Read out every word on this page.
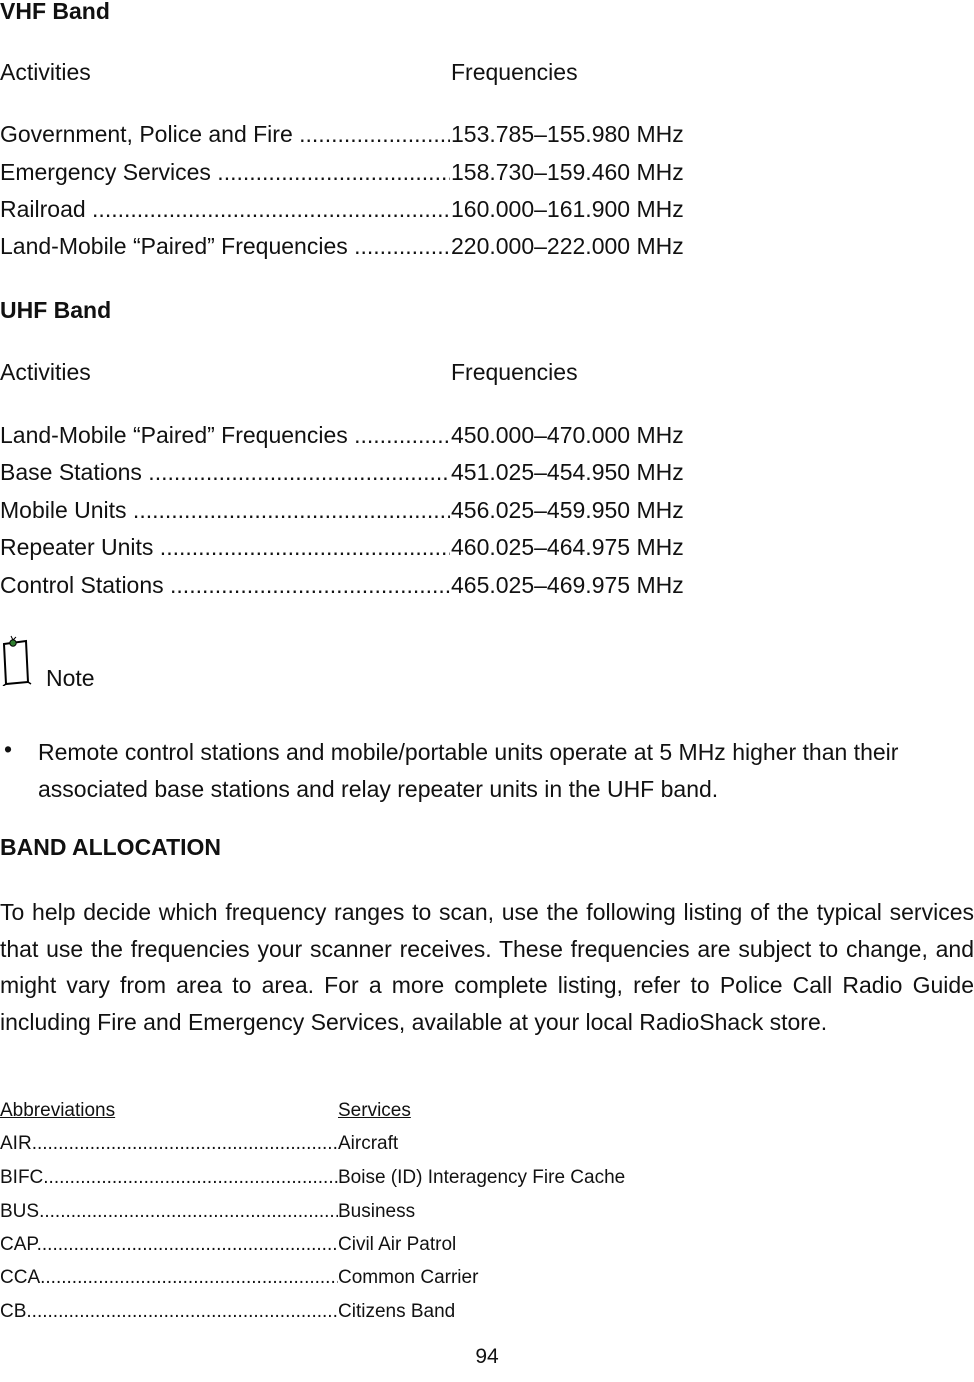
VHF Band
Activities	Frequencies
Government, Police and Fire .....	153.785–155.980 MHz
Emergency Services .....	158.730–159.460 MHz
Railroad .....	160.000–161.900 MHz
Land-Mobile “Paired” Frequencies .....	220.000–222.000 MHz
UHF Band
Activities	Frequencies
Land-Mobile “Paired” Frequencies .....	450.000–470.000 MHz
Base Stations .....	451.025–454.950 MHz
Mobile Units .....	456.025–459.950 MHz
Repeater Units .....	460.025–464.975 MHz
Control Stations .....	465.025–469.975 MHz
Note
• Remote control stations and mobile/portable units operate at 5 MHz higher than their associated base stations and relay repeater units in the UHF band.
BAND ALLOCATION
To help decide which frequency ranges to scan, use the following listing of the typical services that use the frequencies your scanner receives. These frequencies are subject to change, and might vary from area to area. For a more complete listing, refer to Police Call Radio Guide including Fire and Emergency Services, available at your local RadioShack store.
Abbreviations	Services
AIR .....	Aircraft
BIFC .....	Boise (ID) Interagency Fire Cache
BUS .....	Business
CAP .....	Civil Air Patrol
CCA .....	Common Carrier
CB .....	Citizens Band
94
